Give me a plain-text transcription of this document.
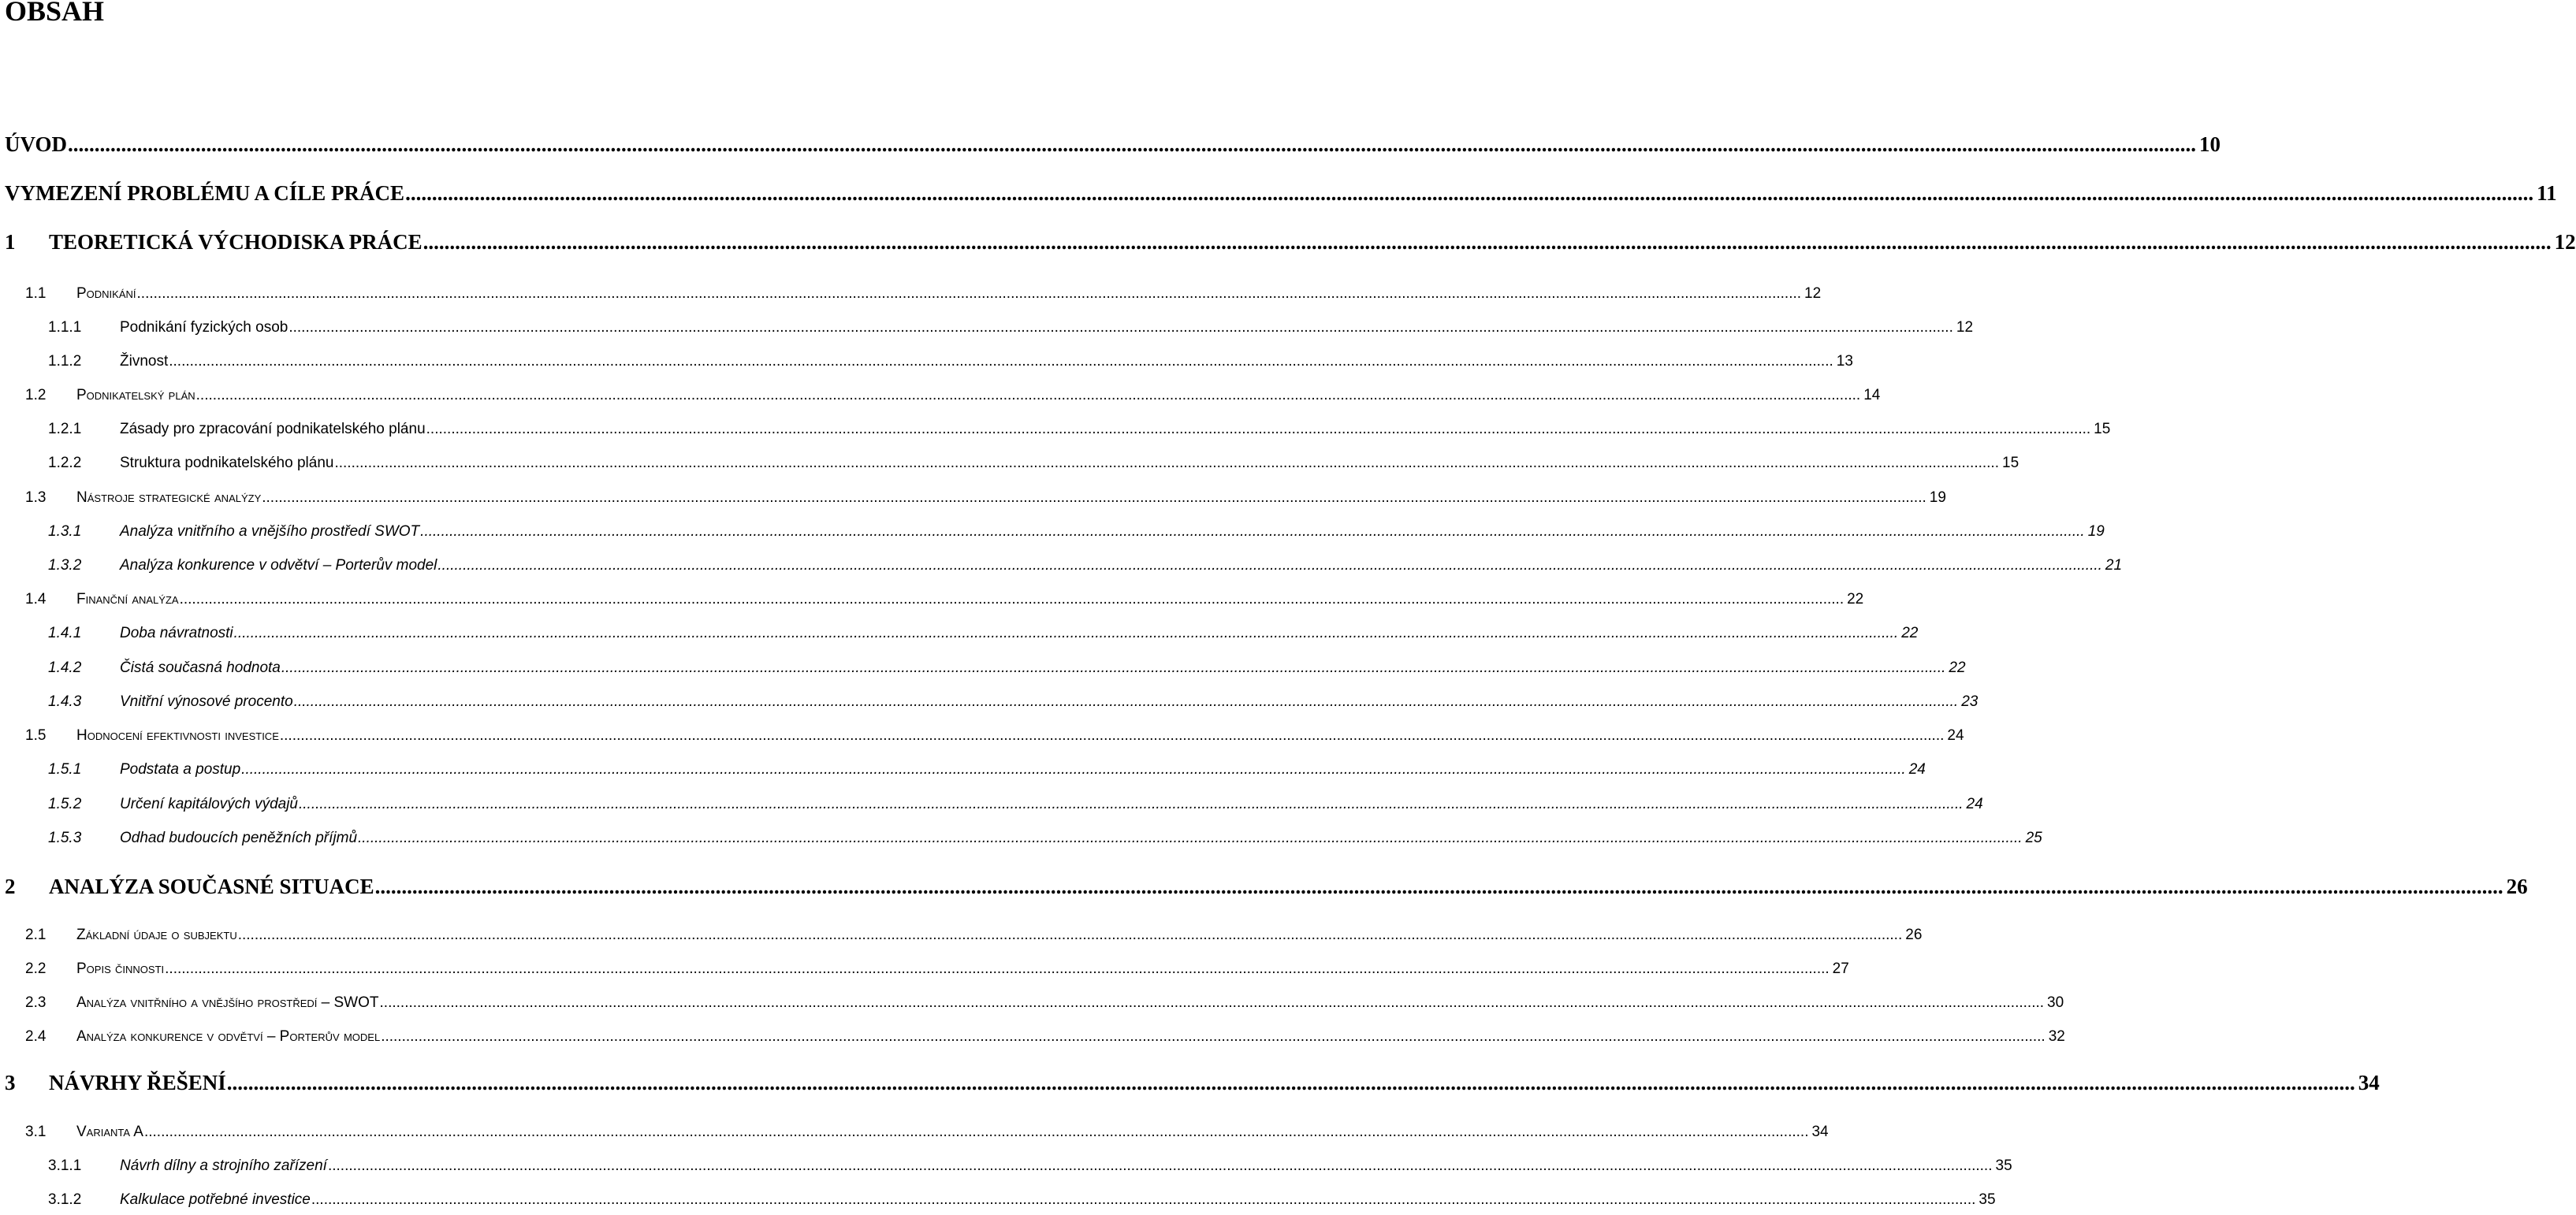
OBSAH
ÚVOD ................................................................................................................................................................................................................................................................................................................................................................................................................ 10
VYMEZENÍ PROBLÉMU A CÍLE PRÁCE ................................................................................................................................................................................................................................................................................................................................................................................................................ 11
1	TEORETICKÁ VÝCHODISKA PRÁCE ................................................................................................................................................................................................................................................................................................................................................................................................................ 12
1.1	Podnikání ................................................................................................................................................................................................................................................................................................................................................................................................................ 12
1.1.1	Podnikání fyzických osob ................................................................................................................................................................................................................................................................................................................................................................................................................ 12
1.1.2	Živnost ................................................................................................................................................................................................................................................................................................................................................................................................................ 13
1.2	Podnikatelský plán ................................................................................................................................................................................................................................................................................................................................................................................................................ 14
1.2.1	Zásady pro zpracování podnikatelského plánu ................................................................................................................................................................................................................................................................................................................................................................................................................ 15
1.2.2	Struktura podnikatelského plánu ................................................................................................................................................................................................................................................................................................................................................................................................................ 15
1.3	Nástroje strategické analýzy ................................................................................................................................................................................................................................................................................................................................................................................................................ 19
1.3.1	Analýza vnitřního a vnějšího prostředí SWOT ................................................................................................................................................................................................................................................................................................................................................................................................................ 19
1.3.2	Analýza konkurence v odvětví – Porterův model ................................................................................................................................................................................................................................................................................................................................................................................................................ 21
1.4	Finanční analýza ................................................................................................................................................................................................................................................................................................................................................................................................................ 22
1.4.1	Doba návratnosti ................................................................................................................................................................................................................................................................................................................................................................................................................ 22
1.4.2	Čistá současná hodnota ................................................................................................................................................................................................................................................................................................................................................................................................................ 22
1.4.3	Vnitřní výnosové procento ................................................................................................................................................................................................................................................................................................................................................................................................................ 23
1.5	Hodnocení efektivnosti investice ................................................................................................................................................................................................................................................................................................................................................................................................................ 24
1.5.1	Podstata a postup ................................................................................................................................................................................................................................................................................................................................................................................................................ 24
1.5.2	Určení kapitálových výdajů ................................................................................................................................................................................................................................................................................................................................................................................................................ 24
1.5.3	Odhad budoucích peněžních příjmů ................................................................................................................................................................................................................................................................................................................................................................................................................ 25
2	ANALÝZA SOUČASNÉ SITUACE ................................................................................................................................................................................................................................................................................................................................................................................................................ 26
2.1	Základní údaje o subjektu ................................................................................................................................................................................................................................................................................................................................................................................................................ 26
2.2	Popis činnosti ................................................................................................................................................................................................................................................................................................................................................................................................................ 27
2.3	Analýza vnitřního a vnějšího prostředí – SWOT ................................................................................................................................................................................................................................................................................................................................................................................................................ 30
2.4	Analýza konkurence v odvětví – Porterův model ................................................................................................................................................................................................................................................................................................................................................................................................................ 32
3	NÁVRHY ŘEŠENÍ ................................................................................................................................................................................................................................................................................................................................................................................................................ 34
3.1	Varianta A ................................................................................................................................................................................................................................................................................................................................................................................................................ 34
3.1.1	Návrh dílny a strojního zařízení ................................................................................................................................................................................................................................................................................................................................................................................................................ 35
3.1.2	Kalkulace potřebné investice ................................................................................................................................................................................................................................................................................................................................................................................................................ 35
